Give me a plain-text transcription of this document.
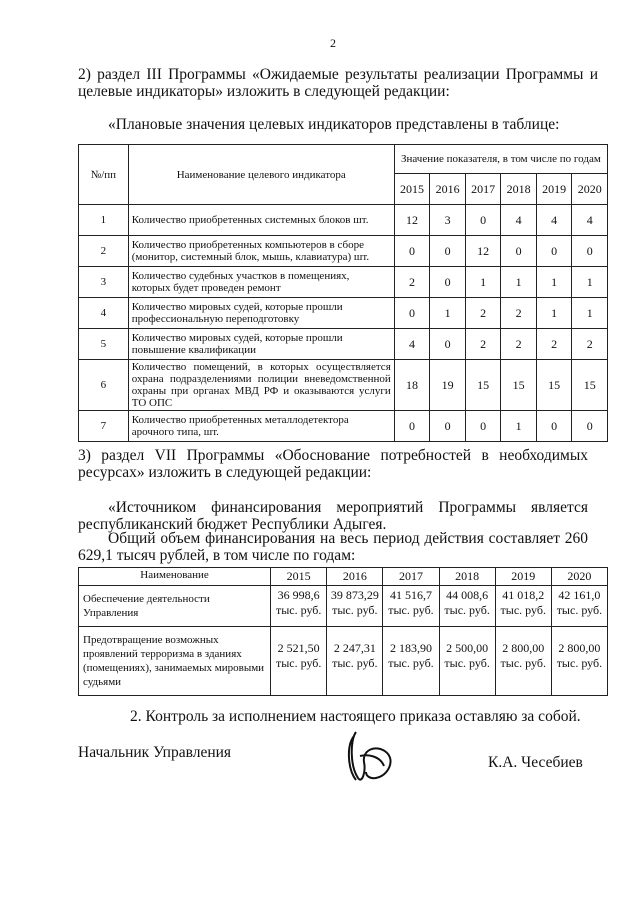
2
2) раздел III Программы «Ожидаемые результаты реализации Программы и целевые индикаторы» изложить в следующей редакции:
«Плановые значения целевых индикаторов представлены в таблице:
№/пп	Наименование целевого индикатора	Значение показателя, в том числе по годам					
		2015	2016	2017	2018	2019	2020
1	Количество приобретенных системных блоков шт.	12	3	0	4	4	4
2	Количество приобретенных компьютеров в сборе (монитор, системный блок, мышь, клавиатура) шт.	0	0	12	0	0	0
3	Количество судебных участков в помещениях, которых будет проведен ремонт	2	0	1	1	1	1
4	Количество мировых судей, которые прошли профессиональную переподготовку	0	1	2	2	1	1
5	Количество мировых судей, которые прошли повышение квалификации	4	0	2	2	2	2
6	Количество помещений, в которых осуществляется охрана подразделениями полиции вневедомственной охраны при органах МВД РФ и оказываются услуги ТО ОПС	18	19	15	15	15	15
7	Количество приобретенных металлодетектора арочного типа, шт.	0	0	0	1	0	0
3) раздел VII Программы «Обоснование потребностей в необходимых ресурсах» изложить в следующей редакции:
«Источником финансирования мероприятий Программы является республиканский бюджет Республики Адыгея.
Общий объем финансирования на весь период действия составляет 260 629,1 тысяч рублей, в том числе по годам:
Наименование	2015	2016	2017	2018	2019	2020
Обеспечение деятельности Управления	36 998,6 тыс. руб.	39 873,29 тыс. руб.	41 516,7 тыс. руб.	44 008,6 тыс. руб.	41 018,2 тыс. руб.	42 161,0 тыс. руб.
Предотвращение возможных проявлений терроризма в зданиях (помещениях), занимаемых мировыми судьями	2 521,50 тыс. руб.	2 247,31 тыс. руб.	2 183,90 тыс. руб.	2 500,00 тыс. руб.	2 800,00 тыс. руб.	2 800,00 тыс. руб.
2. Контроль за исполнением настоящего приказа оставляю за собой.
Начальник Управления
К.А. Чесебиев
